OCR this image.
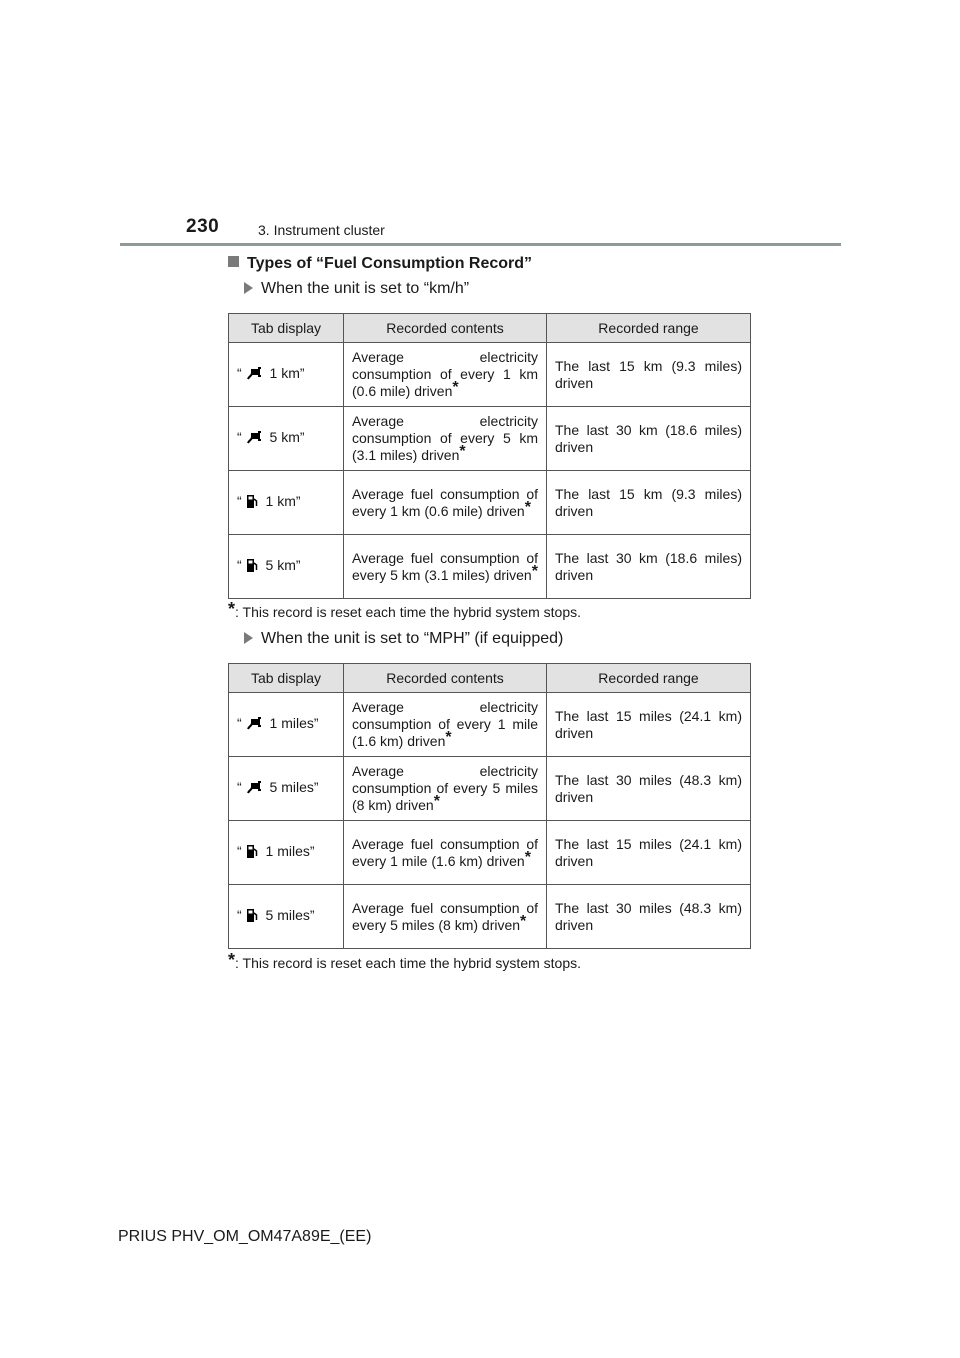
230	3. Instrument cluster
Types of “Fuel Consumption Record”
When the unit is set to “km/h”
Tab display	Recorded contents	Recorded range
“ 1 km”	Average electricity consumption of every 1 km (0.6 mile) driven*	The last 15 km (9.3 miles) driven
“ 5 km”	Average electricity consumption of every 5 km (3.1 miles) driven*	The last 30 km (18.6 miles) driven
“ 1 km”	Average fuel consumption of every 1 km (0.6 mile) driven*	The last 15 km (9.3 miles) driven
“ 5 km”	Average fuel consumption of every 5 km (3.1 miles) driven*	The last 30 km (18.6 miles) driven
*: This record is reset each time the hybrid system stops.
When the unit is set to “MPH” (if equipped)
Tab display	Recorded contents	Recorded range
“ 1 miles”	Average electricity consumption of every 1 mile (1.6 km) driven*	The last 15 miles (24.1 km) driven
“ 5 miles”	Average electricity consumption of every 5 miles (8 km) driven*	The last 30 miles (48.3 km) driven
“ 1 miles”	Average fuel consumption of every 1 mile (1.6 km) driven*	The last 15 miles (24.1 km) driven
“ 5 miles”	Average fuel consumption of every 5 miles (8 km) driven*	The last 30 miles (48.3 km) driven
*: This record is reset each time the hybrid system stops.
PRIUS PHV_OM_OM47A89E_(EE)
